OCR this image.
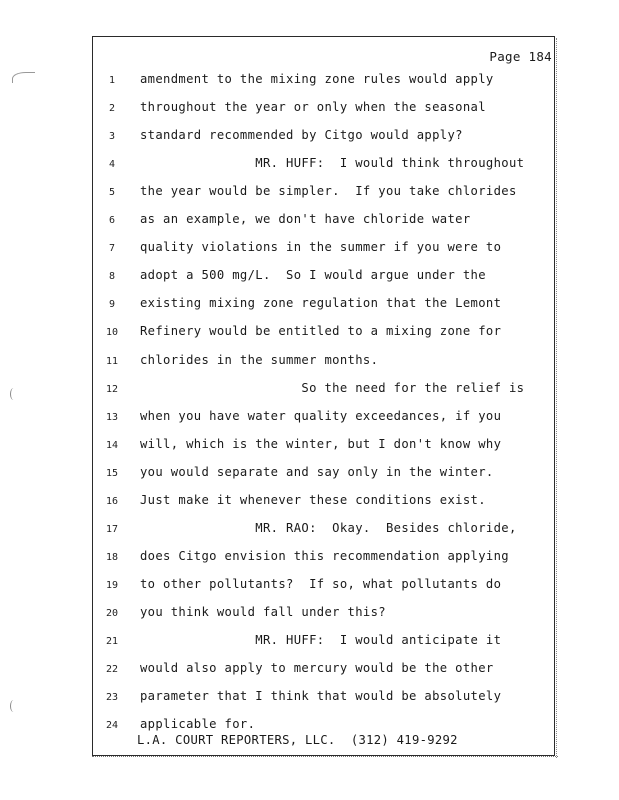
Page 184
1	amendment to the mixing zone rules would apply
2	throughout the year or only when the seasonal
3	standard recommended by Citgo would apply?
4	MR. HUFF:  I would think throughout
5	the year would be simpler.  If you take chlorides
6	as an example, we don't have chloride water
7	quality violations in the summer if you were to
8	adopt a 500 mg/L.  So I would argue under the
9	existing mixing zone regulation that the Lemont
10	Refinery would be entitled to a mixing zone for
11	chlorides in the summer months.
12	So the need for the relief is
13	when you have water quality exceedances, if you
14	will, which is the winter, but I don't know why
15	you would separate and say only in the winter.
16	Just make it whenever these conditions exist.
17	MR. RAO:  Okay.  Besides chloride,
18	does Citgo envision this recommendation applying
19	to other pollutants?  If so, what pollutants do
20	you think would fall under this?
21	MR. HUFF:  I would anticipate it
22	would also apply to mercury would be the other
23	parameter that I think that would be absolutely
24	applicable for.
L.A. COURT REPORTERS, LLC.  (312) 419-9292
